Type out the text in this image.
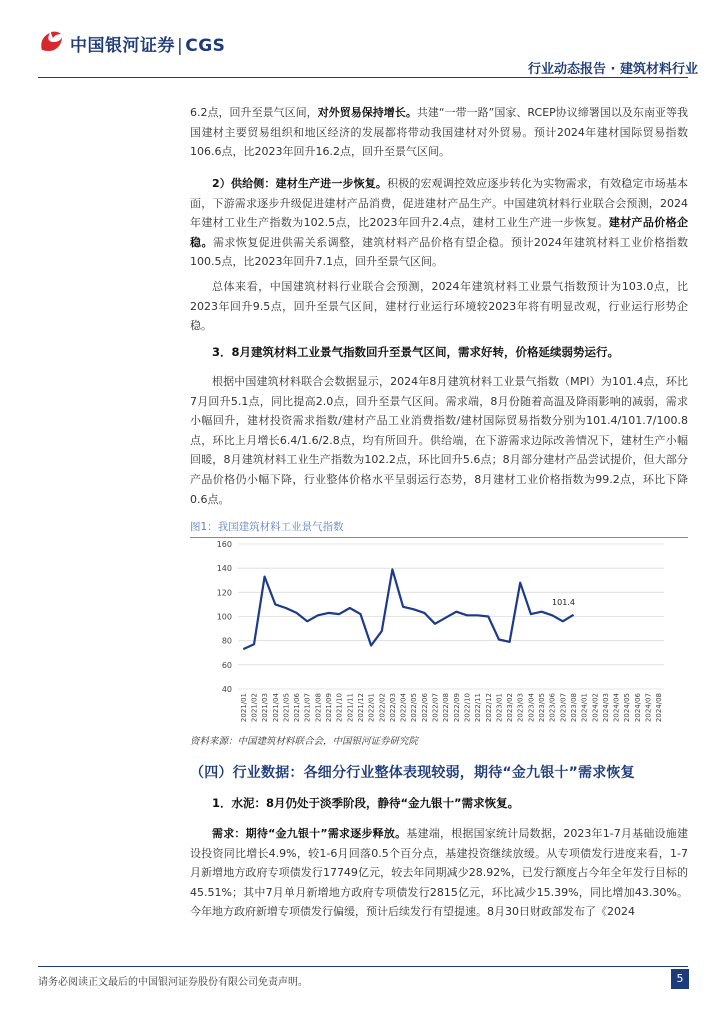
中国银河证券 | CGS
行业动态报告 · 建筑材料行业
6.2点，回升至景气区间，对外贸易保持增长。共建“一带一路”国家、RCEP协议缔署国以及东南亚等我国建材主要贸易组织和地区经济的发展都将带动我国建材对外贸易。预计2024年建材国际贸易指数106.6点，比2023年回升16.2点，回升至景气区间。
2）供给侧：建材生产进一步恢复。积极的宏观调控效应逐步转化为实物需求，有效稳定市场基本面，下游需求逐步升级促进建材产品消费，促进建材产品生产。中国建筑材料行业联合会预测，2024年建材工业生产指数为102.5点，比2023年回升2.4点，建材工业生产进一步恢复。建材产品价格企稳。需求恢复促进供需关系调整，建筑材料产品价格有望企稳。预计2024年建筑材料工业价格指数100.5点，比2023年回升7.1点，回升至景气区间。
总体来看，中国建筑材料行业联合会预测，2024年建筑材料工业景气指数预计为103.0点，比2023年回升9.5点，回升至景气区间，建材行业运行环境较2023年将有明显改观，行业运行形势企稳。
3．8月建筑材料工业景气指数回升至景气区间，需求好转，价格延续弱势运行。
根据中国建筑材料联合会数据显示，2024年8月建筑材料工业景气指数（MPI）为101.4点，环比7月回升5.1点，同比提高2.0点，回升至景气区间。需求端，8月份随着高温及降雨影响的减弱，需求小幅回升，建材投资需求指数/建材产品工业消费指数/建材国际贸易指数分别为101.4/101.7/100.8点，环比上月增长6.4/1.6/2.8点，均有所回升。供给端，在下游需求边际改善情况下，建材生产小幅回暖，8月建筑材料工业生产指数为102.2点，环比回升5.6点；8月部分建材产品尝试提价，但大部分产品价格仍小幅下降，行业整体价格水平呈弱运行态势，8月建材工业价格指数为99.2点，环比下降0.6点。
图1：我国建筑材料工业景气指数
40
60
80
100
120
140
160
2021/01 2021/02 2021/03 2021/04 2021/05 2021/06 2021/07 2021/08 2021/09 2021/10 2021/11 2021/12 2022/01 2022/02 2022/03 2022/04 2022/05 2022/06 2022/07 2022/08 2022/09 2022/10 2022/11 2022/12 2023/01 2023/02 2023/03 2023/04 2023/05 2023/06 2023/07 2023/08 2024/01 2024/02 2024/03 2024/04 2024/05 2024/06 2024/07 2024/08
101.4
资料来源：中国建筑材料联合会，中国银河证券研究院
（四）行业数据：各细分行业整体表现较弱，期待“金九银十”需求恢复
1．水泥：8月仍处于淡季阶段，静待“金九银十”需求恢复。
需求：期待“金九银十”需求逐步释放。基建端，根据国家统计局数据，2023年1-7月基础设施建设投资同比增长4.9%，较1-6月回落0.5个百分点，基建投资继续放缓。从专项债发行进度来看，1-7月新增地方政府专项债发行17749亿元，较去年同期减少28.92%，已发行额度占今年全年发行目标的45.51%；其中7月单月新增地方政府专项债发行2815亿元，环比减少15.39%，同比增加43.30%。今年地方政府新增专项债发行偏缓，预计后续发行有望提速。8月30日财政部发布了《2024
请务必阅读正文最后的中国银河证券股份有限公司免责声明。	5
